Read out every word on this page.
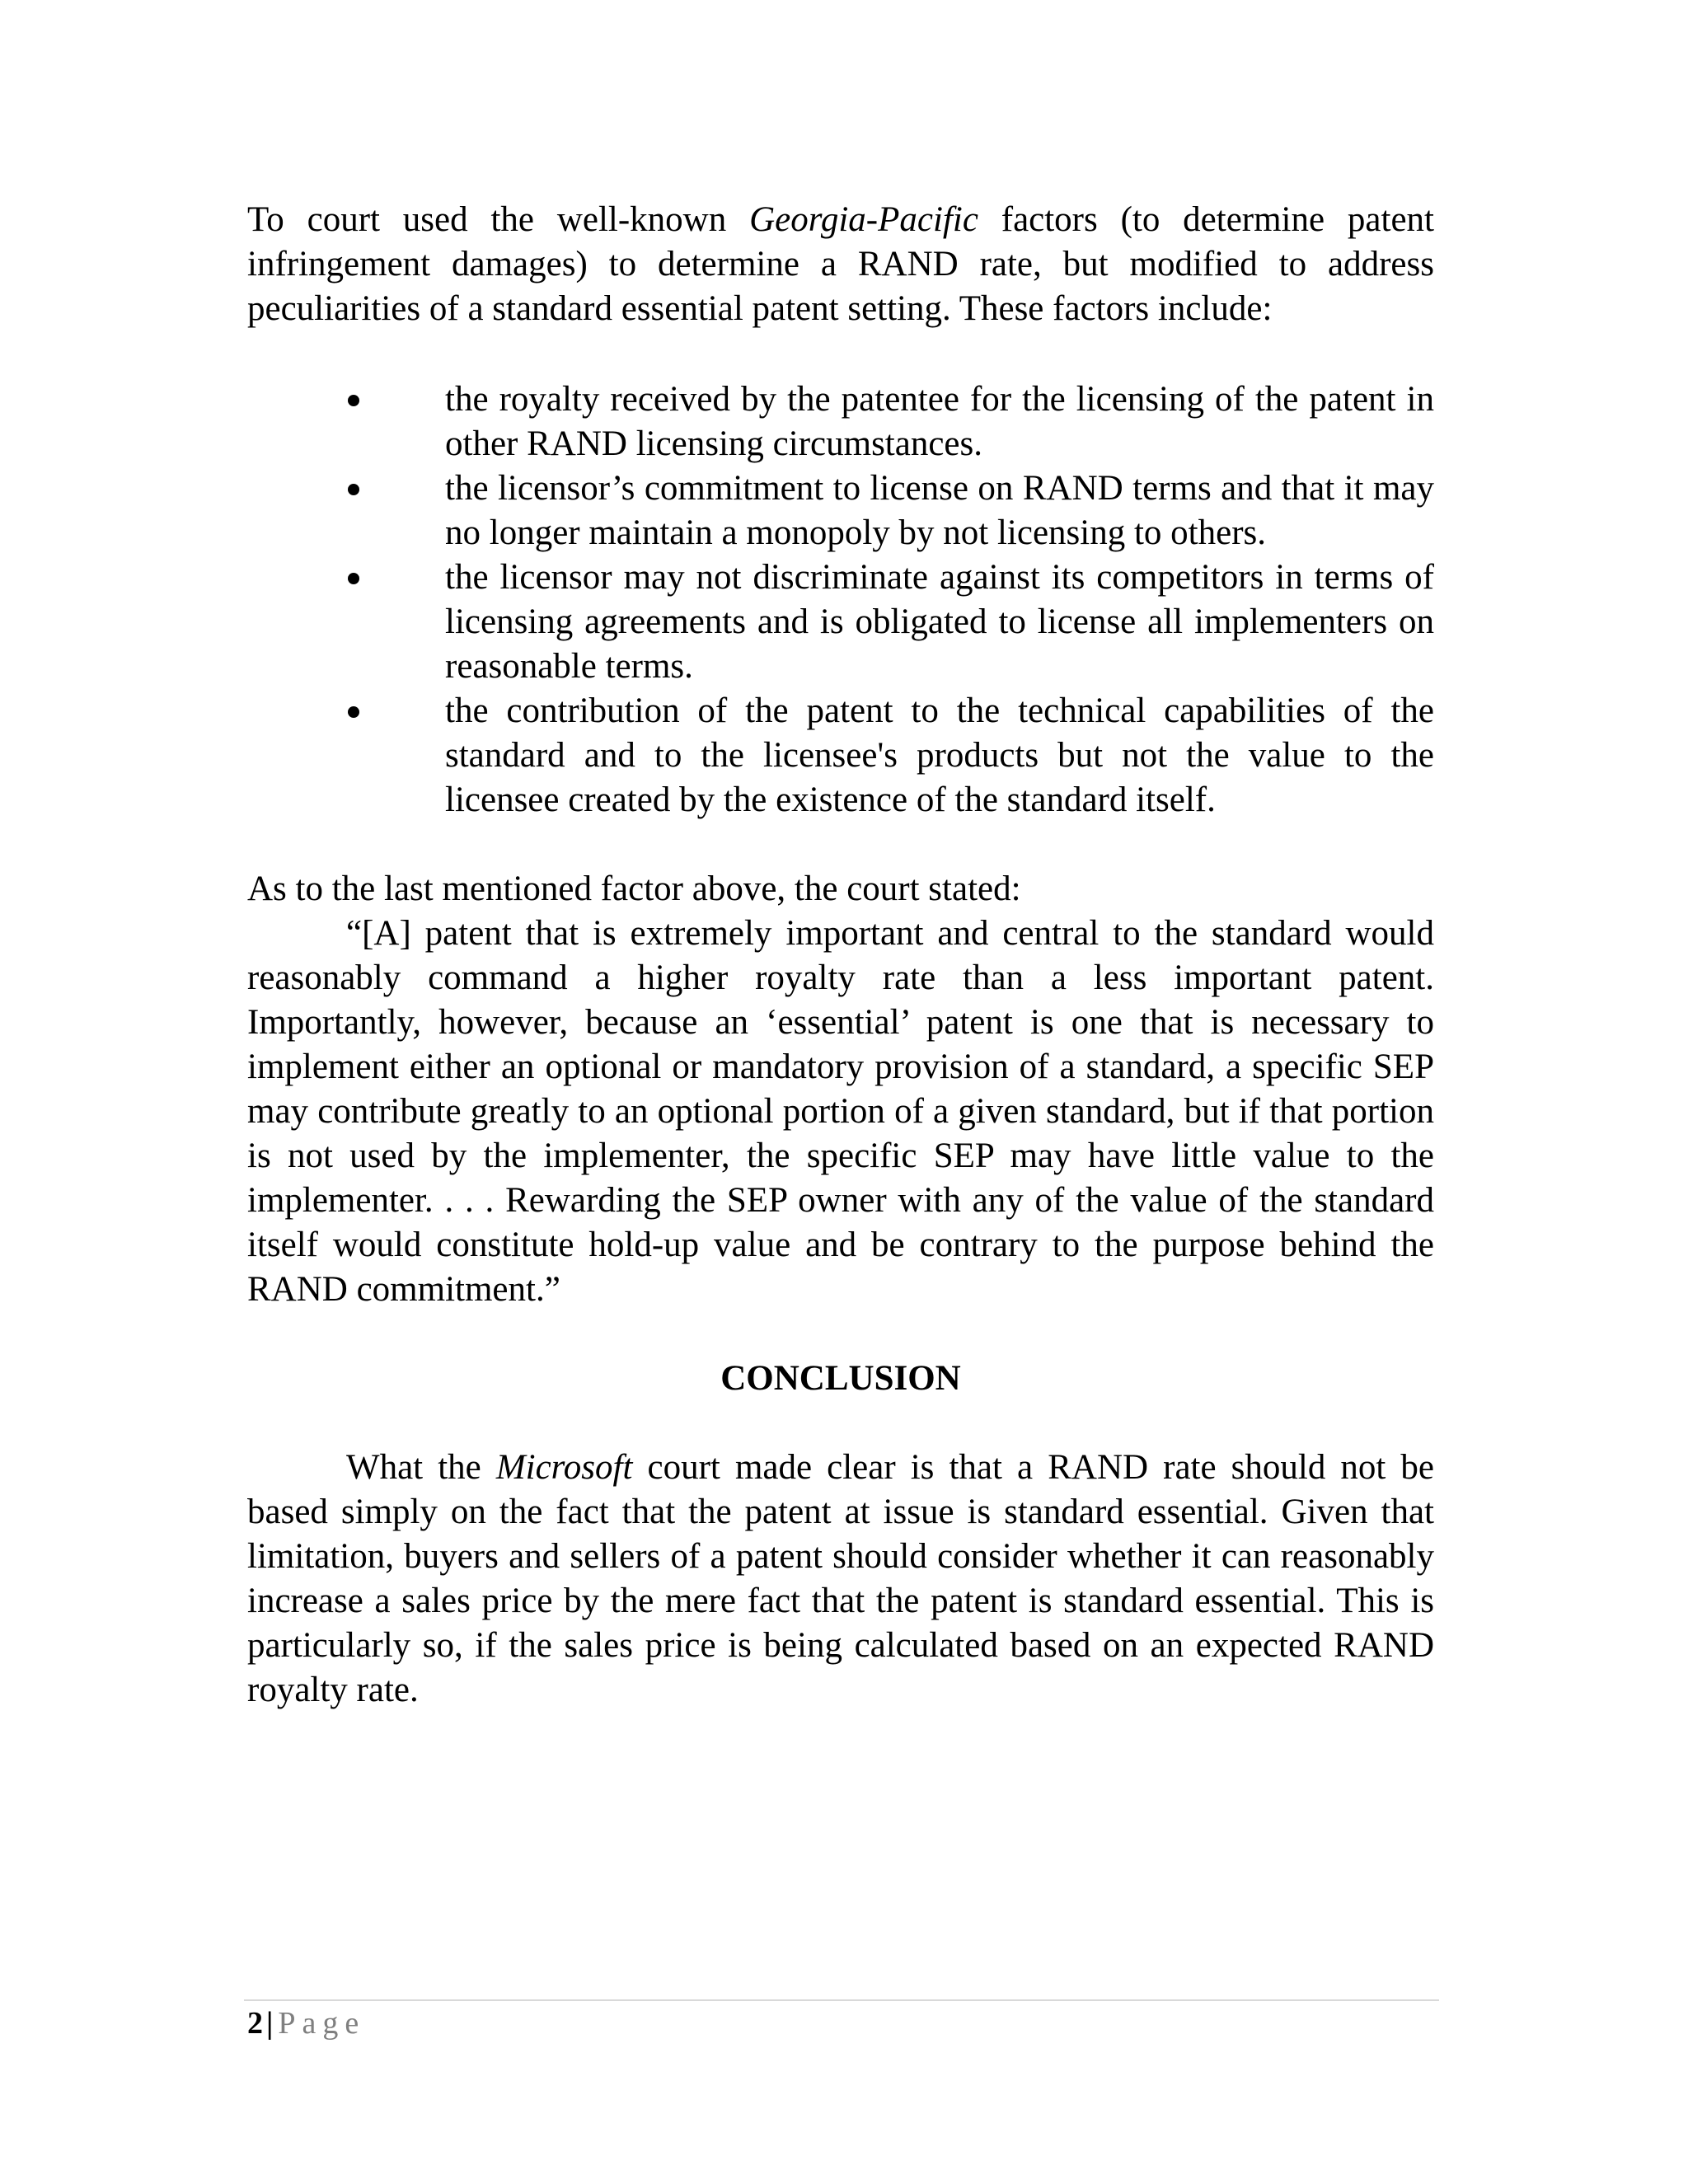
To court used the well-known Georgia-Pacific factors (to determine patent infringement damages) to determine a RAND rate, but modified to address peculiarities of a standard essential patent setting. These factors include:

the royalty received by the patentee for the licensing of the patent in other RAND licensing circumstances.
the licensor’s commitment to license on RAND terms and that it may no longer maintain a monopoly by not licensing to others.
the licensor may not discriminate against its competitors in terms of licensing agreements and is obligated to license all implementers on reasonable terms.
the contribution of the patent to the technical capabilities of the standard and to the licensee's products but not the value to the licensee created by the existence of the standard itself.

As to the last mentioned factor above, the court stated:

“[A] patent that is extremely important and central to the standard would reasonably command a higher royalty rate than a less important patent. Importantly, however, because an ‘essential’ patent is one that is necessary to implement either an optional or mandatory provision of a standard, a specific SEP may contribute greatly to an optional portion of a given standard, but if that portion is not used by the implementer, the specific SEP may have little value to the implementer. . . . Rewarding the SEP owner with any of the value of the standard itself would constitute hold-up value and be contrary to the purpose behind the RAND commitment.”

CONCLUSION

What the Microsoft court made clear is that a RAND rate should not be based simply on the fact that the patent at issue is standard essential. Given that limitation, buyers and sellers of a patent should consider whether it can reasonably increase a sales price by the mere fact that the patent is standard essential. This is particularly so, if the sales price is being calculated based on an expected RAND royalty rate.

2 | Page
